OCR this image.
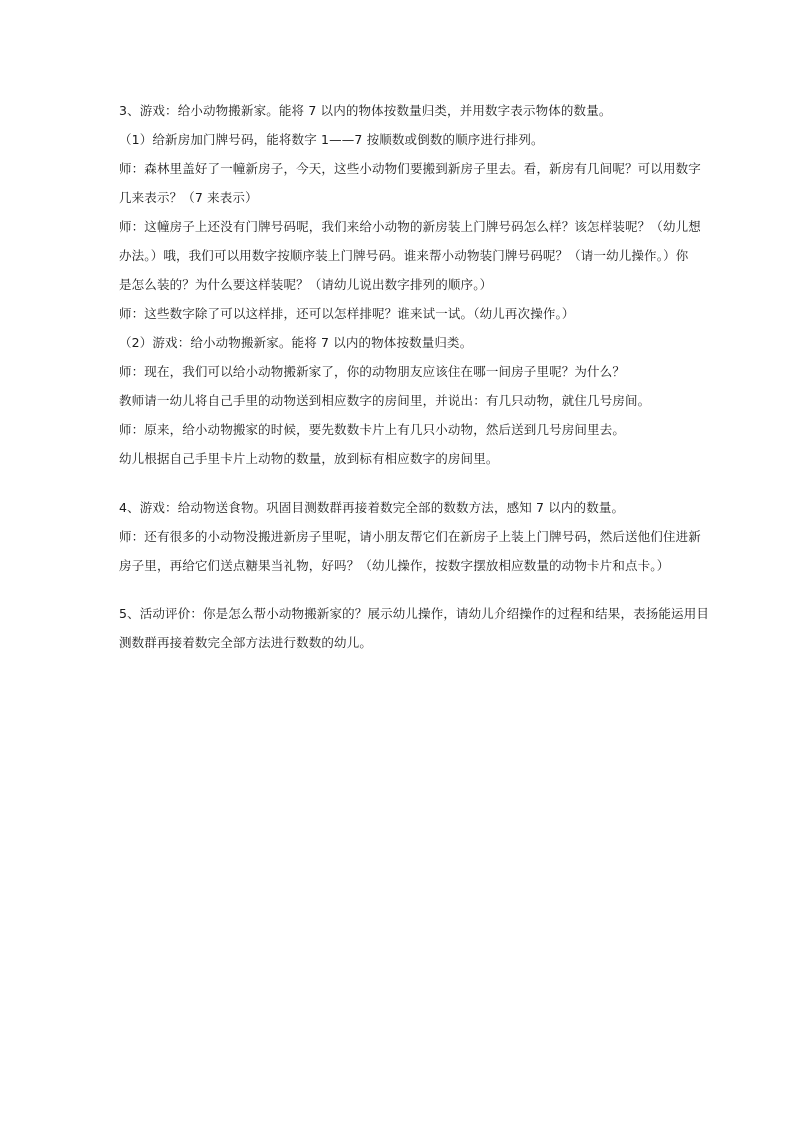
3、游戏：给小动物搬新家。能将 7 以内的物体按数量归类，并用数字表示物体的数量。
（1）给新房加门牌号码，能将数字 1——7 按顺数或倒数的顺序进行排列。
师：森林里盖好了一幢新房子，今天，这些小动物们要搬到新房子里去。看，新房有几间呢？可以用数字
几来表示？（7 来表示）
师：这幢房子上还没有门牌号码呢，我们来给小动物的新房装上门牌号码怎么样？该怎样装呢？（幼儿想
办法。）哦，我们可以用数字按顺序装上门牌号码。谁来帮小动物装门牌号码呢？（请一幼儿操作。）你
是怎么装的？为什么要这样装呢？（请幼儿说出数字排列的顺序。）
师：这些数字除了可以这样排，还可以怎样排呢？谁来试一试。（幼儿再次操作。）
（2）游戏：给小动物搬新家。能将 7 以内的物体按数量归类。
师：现在，我们可以给小动物搬新家了，你的动物朋友应该住在哪一间房子里呢？为什么？
教师请一幼儿将自己手里的动物送到相应数字的房间里，并说出：有几只动物，就住几号房间。
师：原来，给小动物搬家的时候，要先数数卡片上有几只小动物，然后送到几号房间里去。
幼儿根据自己手里卡片上动物的数量，放到标有相应数字的房间里。
4、游戏：给动物送食物。巩固目测数群再接着数完全部的数数方法，感知 7 以内的数量。
师：还有很多的小动物没搬进新房子里呢，请小朋友帮它们在新房子上装上门牌号码，然后送他们住进新
房子里，再给它们送点糖果当礼物，好吗？（幼儿操作，按数字摆放相应数量的动物卡片和点卡。）
5、活动评价：你是怎么帮小动物搬新家的？展示幼儿操作，请幼儿介绍操作的过程和结果，表扬能运用目
测数群再接着数完全部方法进行数数的幼儿。
